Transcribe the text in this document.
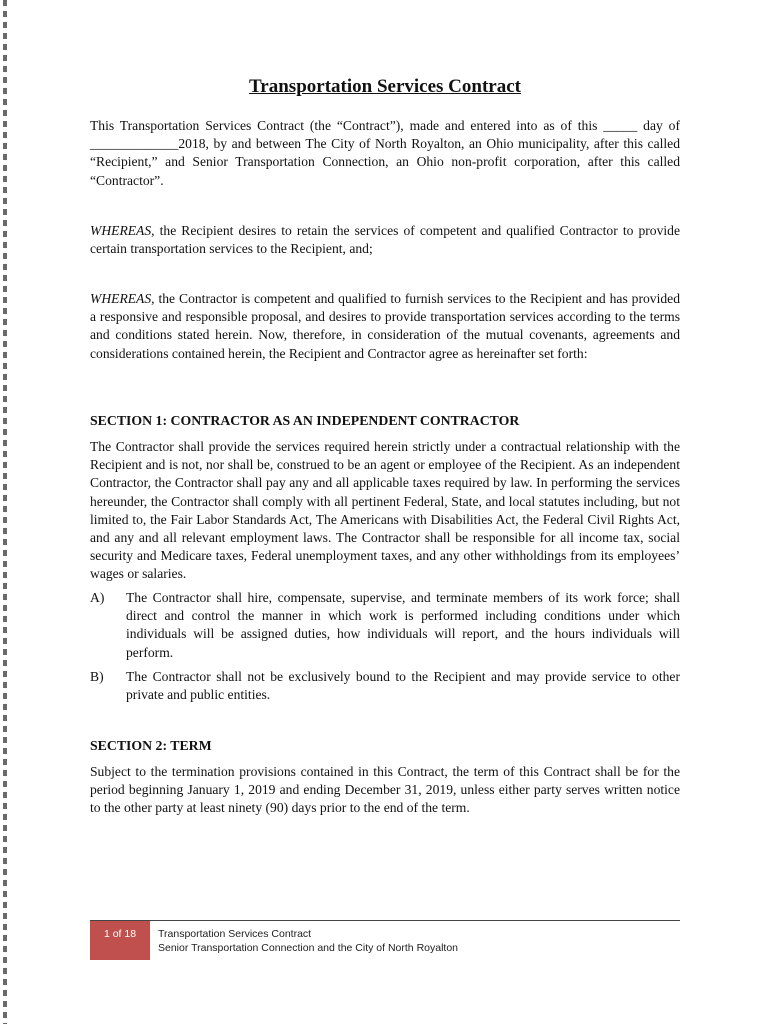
Transportation Services Contract

This Transportation Services Contract (the “Contract”), made and entered into as of this _____ day of _____________2018, by and between The City of North Royalton, an Ohio municipality, after this called “Recipient,” and Senior Transportation Connection, an Ohio non-profit corporation, after this called “Contractor”.

WHEREAS, the Recipient desires to retain the services of competent and qualified Contractor to provide certain transportation services to the Recipient, and;

WHEREAS, the Contractor is competent and qualified to furnish services to the Recipient and has provided a responsive and responsible proposal, and desires to provide transportation services according to the terms and conditions stated herein. Now, therefore, in consideration of the mutual covenants, agreements and considerations contained herein, the Recipient and Contractor agree as hereinafter set forth:

SECTION 1: CONTRACTOR AS AN INDEPENDENT CONTRACTOR

The Contractor shall provide the services required herein strictly under a contractual relationship with the Recipient and is not, nor shall be, construed to be an agent or employee of the Recipient. As an independent Contractor, the Contractor shall pay any and all applicable taxes required by law. In performing the services hereunder, the Contractor shall comply with all pertinent Federal, State, and local statutes including, but not limited to, the Fair Labor Standards Act, The Americans with Disabilities Act, the Federal Civil Rights Act, and any and all relevant employment laws. The Contractor shall be responsible for all income tax, social security and Medicare taxes, Federal unemployment taxes, and any other withholdings from its employees’ wages or salaries.

A)	The Contractor shall hire, compensate, supervise, and terminate members of its work force; shall direct and control the manner in which work is performed including conditions under which individuals will be assigned duties, how individuals will report, and the hours individuals will perform.
B)	The Contractor shall not be exclusively bound to the Recipient and may provide service to other private and public entities.
SECTION 2: TERM

Subject to the termination provisions contained in this Contract, the term of this Contract shall be for the period beginning January 1, 2019 and ending December 31, 2019, unless either party serves written notice to the other party at least ninety (90) days prior to the end of the term.

1 of 18	Transportation Services Contract
Senior Transportation Connection and the City of North Royalton
